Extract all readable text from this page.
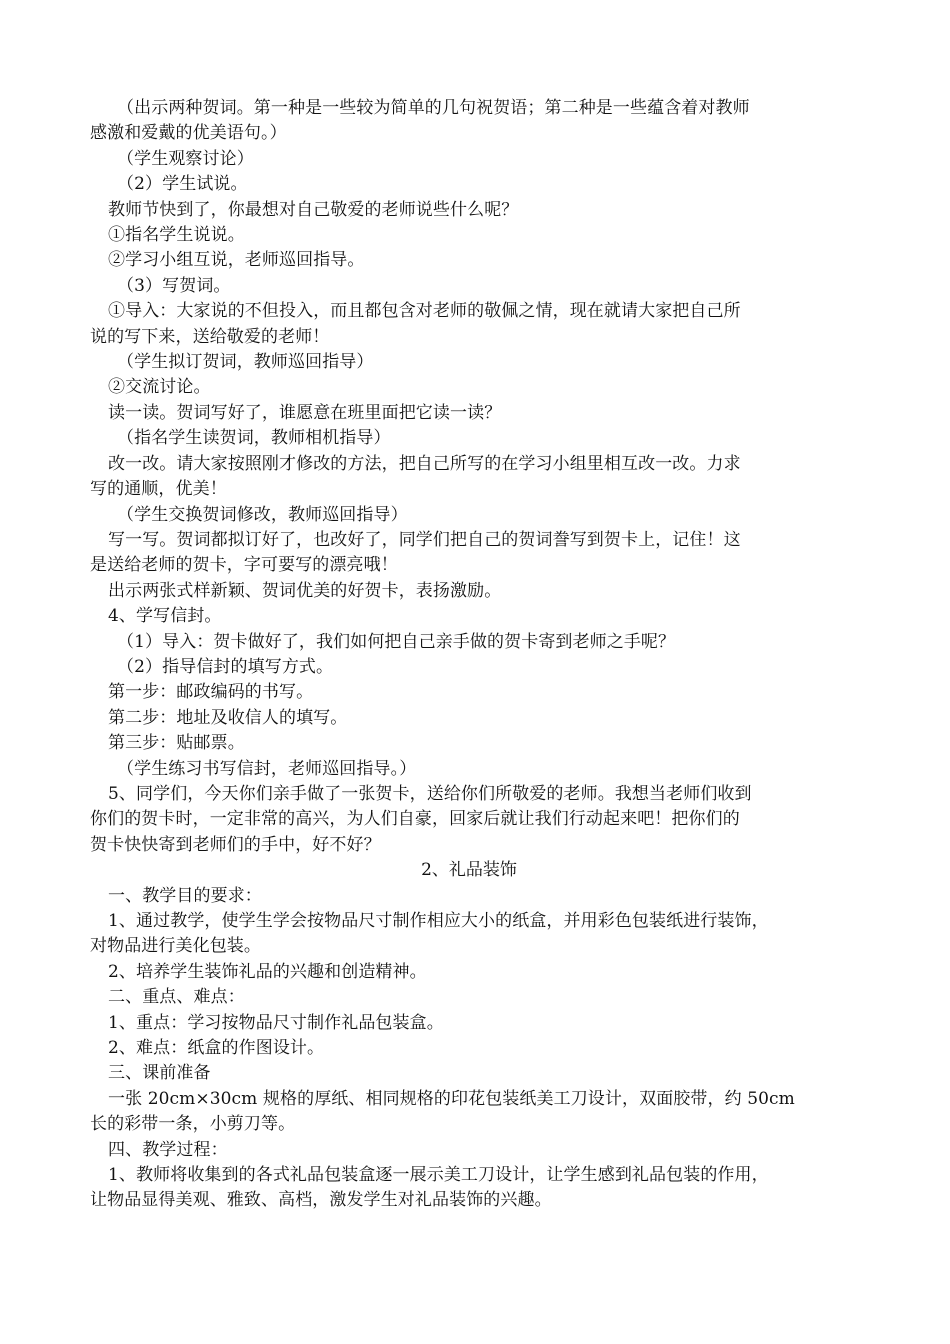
（出示两种贺词。第一种是一些较为简单的几句祝贺语；第二种是一些蕴含着对教师

感激和爱戴的优美语句。）

（学生观察讨论）

（2）学生试说。

教师节快到了，你最想对自己敬爱的老师说些什么呢？

①指名学生说说。

②学习小组互说，老师巡回指导。

（3）写贺词。

①导入：大家说的不但投入，而且都包含对老师的敬佩之情，现在就请大家把自己所

说的写下来，送给敬爱的老师！

（学生拟订贺词，教师巡回指导）

②交流讨论。

读一读。贺词写好了，谁愿意在班里面把它读一读？

（指名学生读贺词，教师相机指导）

改一改。请大家按照刚才修改的方法，把自己所写的在学习小组里相互改一改。力求

写的通顺，优美！

（学生交换贺词修改，教师巡回指导）

写一写。贺词都拟订好了，也改好了，同学们把自己的贺词誊写到贺卡上，记住！这

是送给老师的贺卡，字可要写的漂亮哦！

出示两张式样新颖、贺词优美的好贺卡，表扬激励。

4、学写信封。

（1）导入：贺卡做好了，我们如何把自己亲手做的贺卡寄到老师之手呢？

（2）指导信封的填写方式。

第一步：邮政编码的书写。

第二步：地址及收信人的填写。

第三步：贴邮票。

（学生练习书写信封，老师巡回指导。）

5、同学们，今天你们亲手做了一张贺卡，送给你们所敬爱的老师。我想当老师们收到

你们的贺卡时，一定非常的高兴，为人们自豪，回家后就让我们行动起来吧！把你们的

贺卡快快寄到老师们的手中，好不好？

2、礼品装饰

一、教学目的要求：

1、通过教学，使学生学会按物品尺寸制作相应大小的纸盒，并用彩色包装纸进行装饰，

对物品进行美化包装。

2、培养学生装饰礼品的兴趣和创造精神。

二、重点、难点：

1、重点：学习按物品尺寸制作礼品包装盒。

2、难点：纸盒的作图设计。

三、课前准备

一张 20cm×30cm 规格的厚纸、相同规格的印花包装纸美工刀设计，双面胶带，约 50cm

长的彩带一条，小剪刀等。

四、教学过程：

1、教师将收集到的各式礼品包装盒逐一展示美工刀设计，让学生感到礼品包装的作用，

让物品显得美观、雅致、高档，激发学生对礼品装饰的兴趣。
